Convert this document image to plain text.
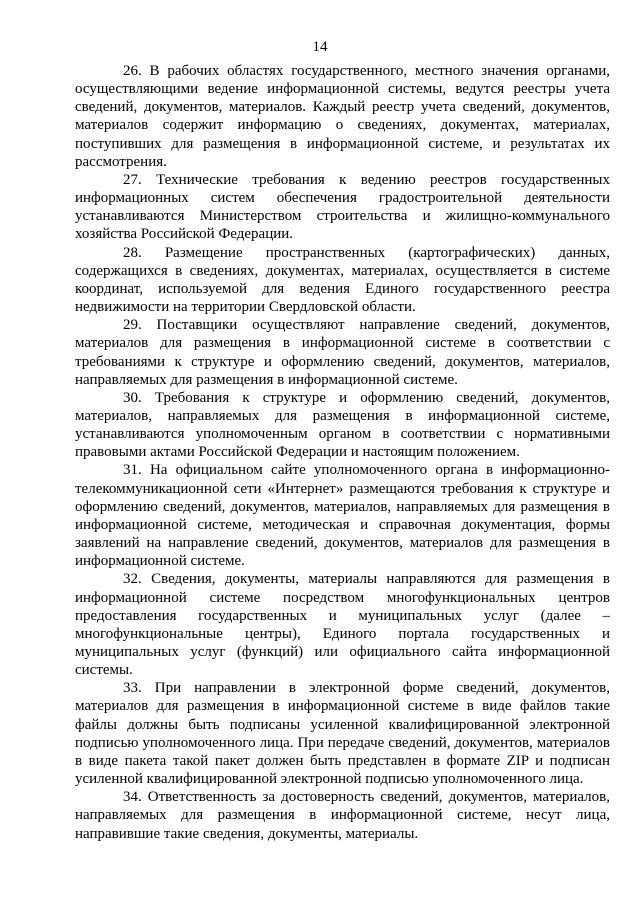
14

26. В рабочих областях государственного, местного значения органами, осуществляющими ведение информационной системы, ведутся реестры учета сведений, документов, материалов. Каждый реестр учета сведений, документов, материалов содержит информацию о сведениях, документах, материалах, поступивших для размещения в информационной системе, и результатах их рассмотрения.

27. Технические требования к ведению реестров государственных информационных систем обеспечения градостроительной деятельности устанавливаются Министерством строительства и жилищно-коммунального хозяйства Российской Федерации.

28. Размещение пространственных (картографических) данных, содержащихся в сведениях, документах, материалах, осуществляется в системе координат, используемой для ведения Единого государственного реестра недвижимости на территории Свердловской области.

29. Поставщики осуществляют направление сведений, документов, материалов для размещения в информационной системе в соответствии с требованиями к структуре и оформлению сведений, документов, материалов, направляемых для размещения в информационной системе.

30. Требования к структуре и оформлению сведений, документов, материалов, направляемых для размещения в информационной системе, устанавливаются уполномоченным органом в соответствии с нормативными правовыми актами Российской Федерации и настоящим положением.

31. На официальном сайте уполномоченного органа в информационно-телекоммуникационной сети «Интернет» размещаются требования к структуре и оформлению сведений, документов, материалов, направляемых для размещения в информационной системе, методическая и справочная документация, формы заявлений на направление сведений, документов, материалов для размещения в информационной системе.

32. Сведения, документы, материалы направляются для размещения в информационной системе посредством многофункциональных центров предоставления государственных и муниципальных услуг (далее – многофункциональные центры), Единого портала государственных и муниципальных услуг (функций) или официального сайта информационной системы.

33. При направлении в электронной форме сведений, документов, материалов для размещения в информационной системе в виде файлов такие файлы должны быть подписаны усиленной квалифицированной электронной подписью уполномоченного лица. При передаче сведений, документов, материалов в виде пакета такой пакет должен быть представлен в формате ZIP и подписан усиленной квалифицированной электронной подписью уполномоченного лица.

34. Ответственность за достоверность сведений, документов, материалов, направляемых для размещения в информационной системе, несут лица, направившие такие сведения, документы, материалы.
